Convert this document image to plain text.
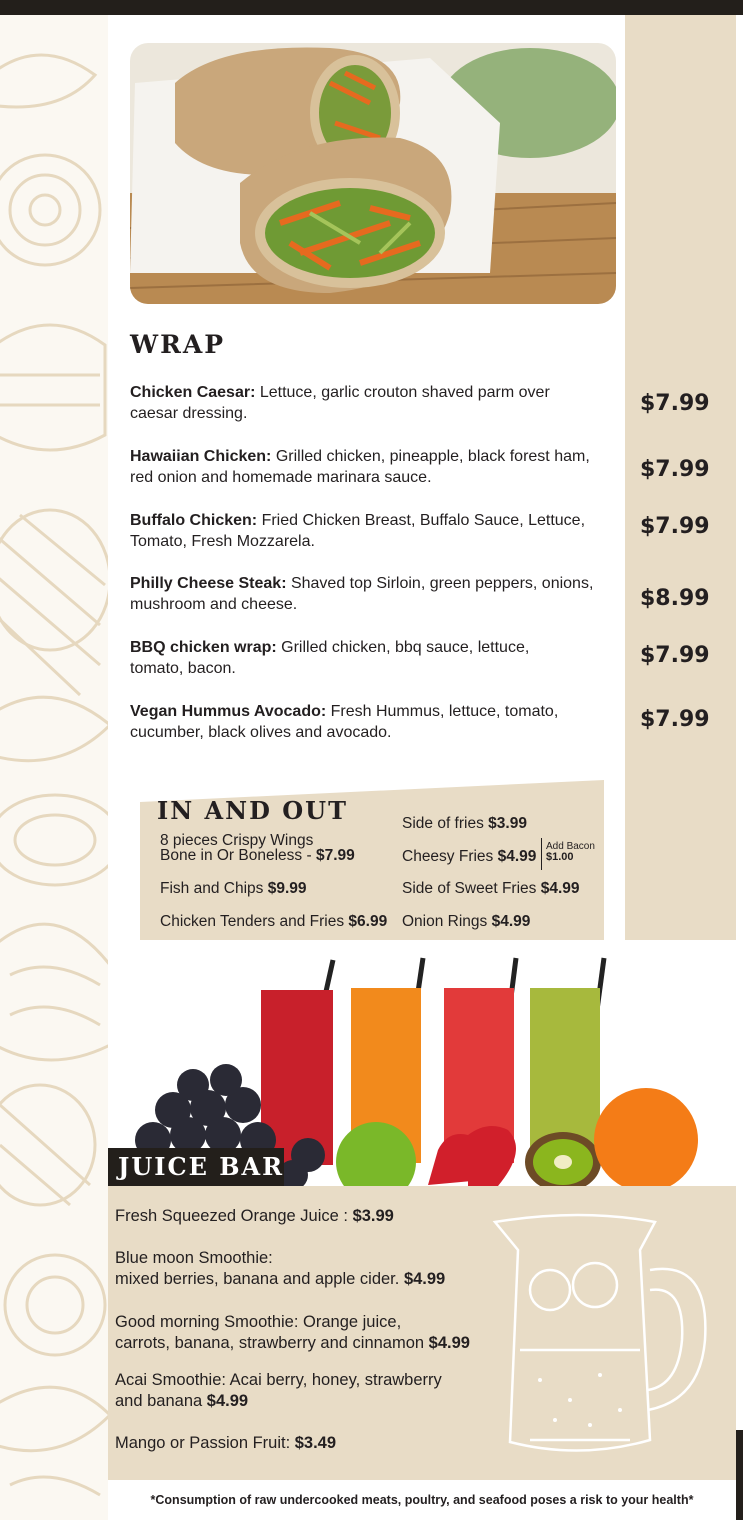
WRAP
Chicken Caesar: Lettuce, garlic crouton shaved parm over
caesar dressing.	$7.99
Hawaiian Chicken: Grilled chicken, pineapple, black forest ham,
red onion and homemade marinara sauce.	$7.99
Buffalo Chicken: Fried Chicken Breast, Buffalo Sauce, Lettuce,
Tomato, Fresh Mozzarela.
$7.99
Philly Cheese Steak: Shaved top Sirloin, green peppers, onions,
mushroom and cheese.	$8.99
BBQ chicken wrap: Grilled chicken, bbq sauce, lettuce,
tomato, bacon.
$7.99
Vegan Hummus Avocado: Fresh Hummus, lettuce, tomato,
cucumber, black olives and avocado.
$7.99
IN AND OUT
8 pieces Crispy Wings
Bone in Or Boneless - $7.99
Fish and Chips $9.99
Chicken Tenders and Fries $6.99
Side of fries $3.99
Cheesy Fries $4.99
Add Bacon
$1.00
Side of Sweet Fries $4.99
Onion Rings $4.99
JUICE BAR
Fresh Squeezed Orange Juice : $3.99
Blue moon Smoothie:
mixed berries, banana and apple cider. $4.99
Good morning Smoothie: Orange juice,
carrots, banana, strawberry and cinnamon $4.99
Acai Smoothie: Acai berry, honey, strawberry
and banana $4.99
Mango or Passion Fruit: $3.49
*Consumption of raw undercooked meats, poultry, and seafood poses a risk to your health*
